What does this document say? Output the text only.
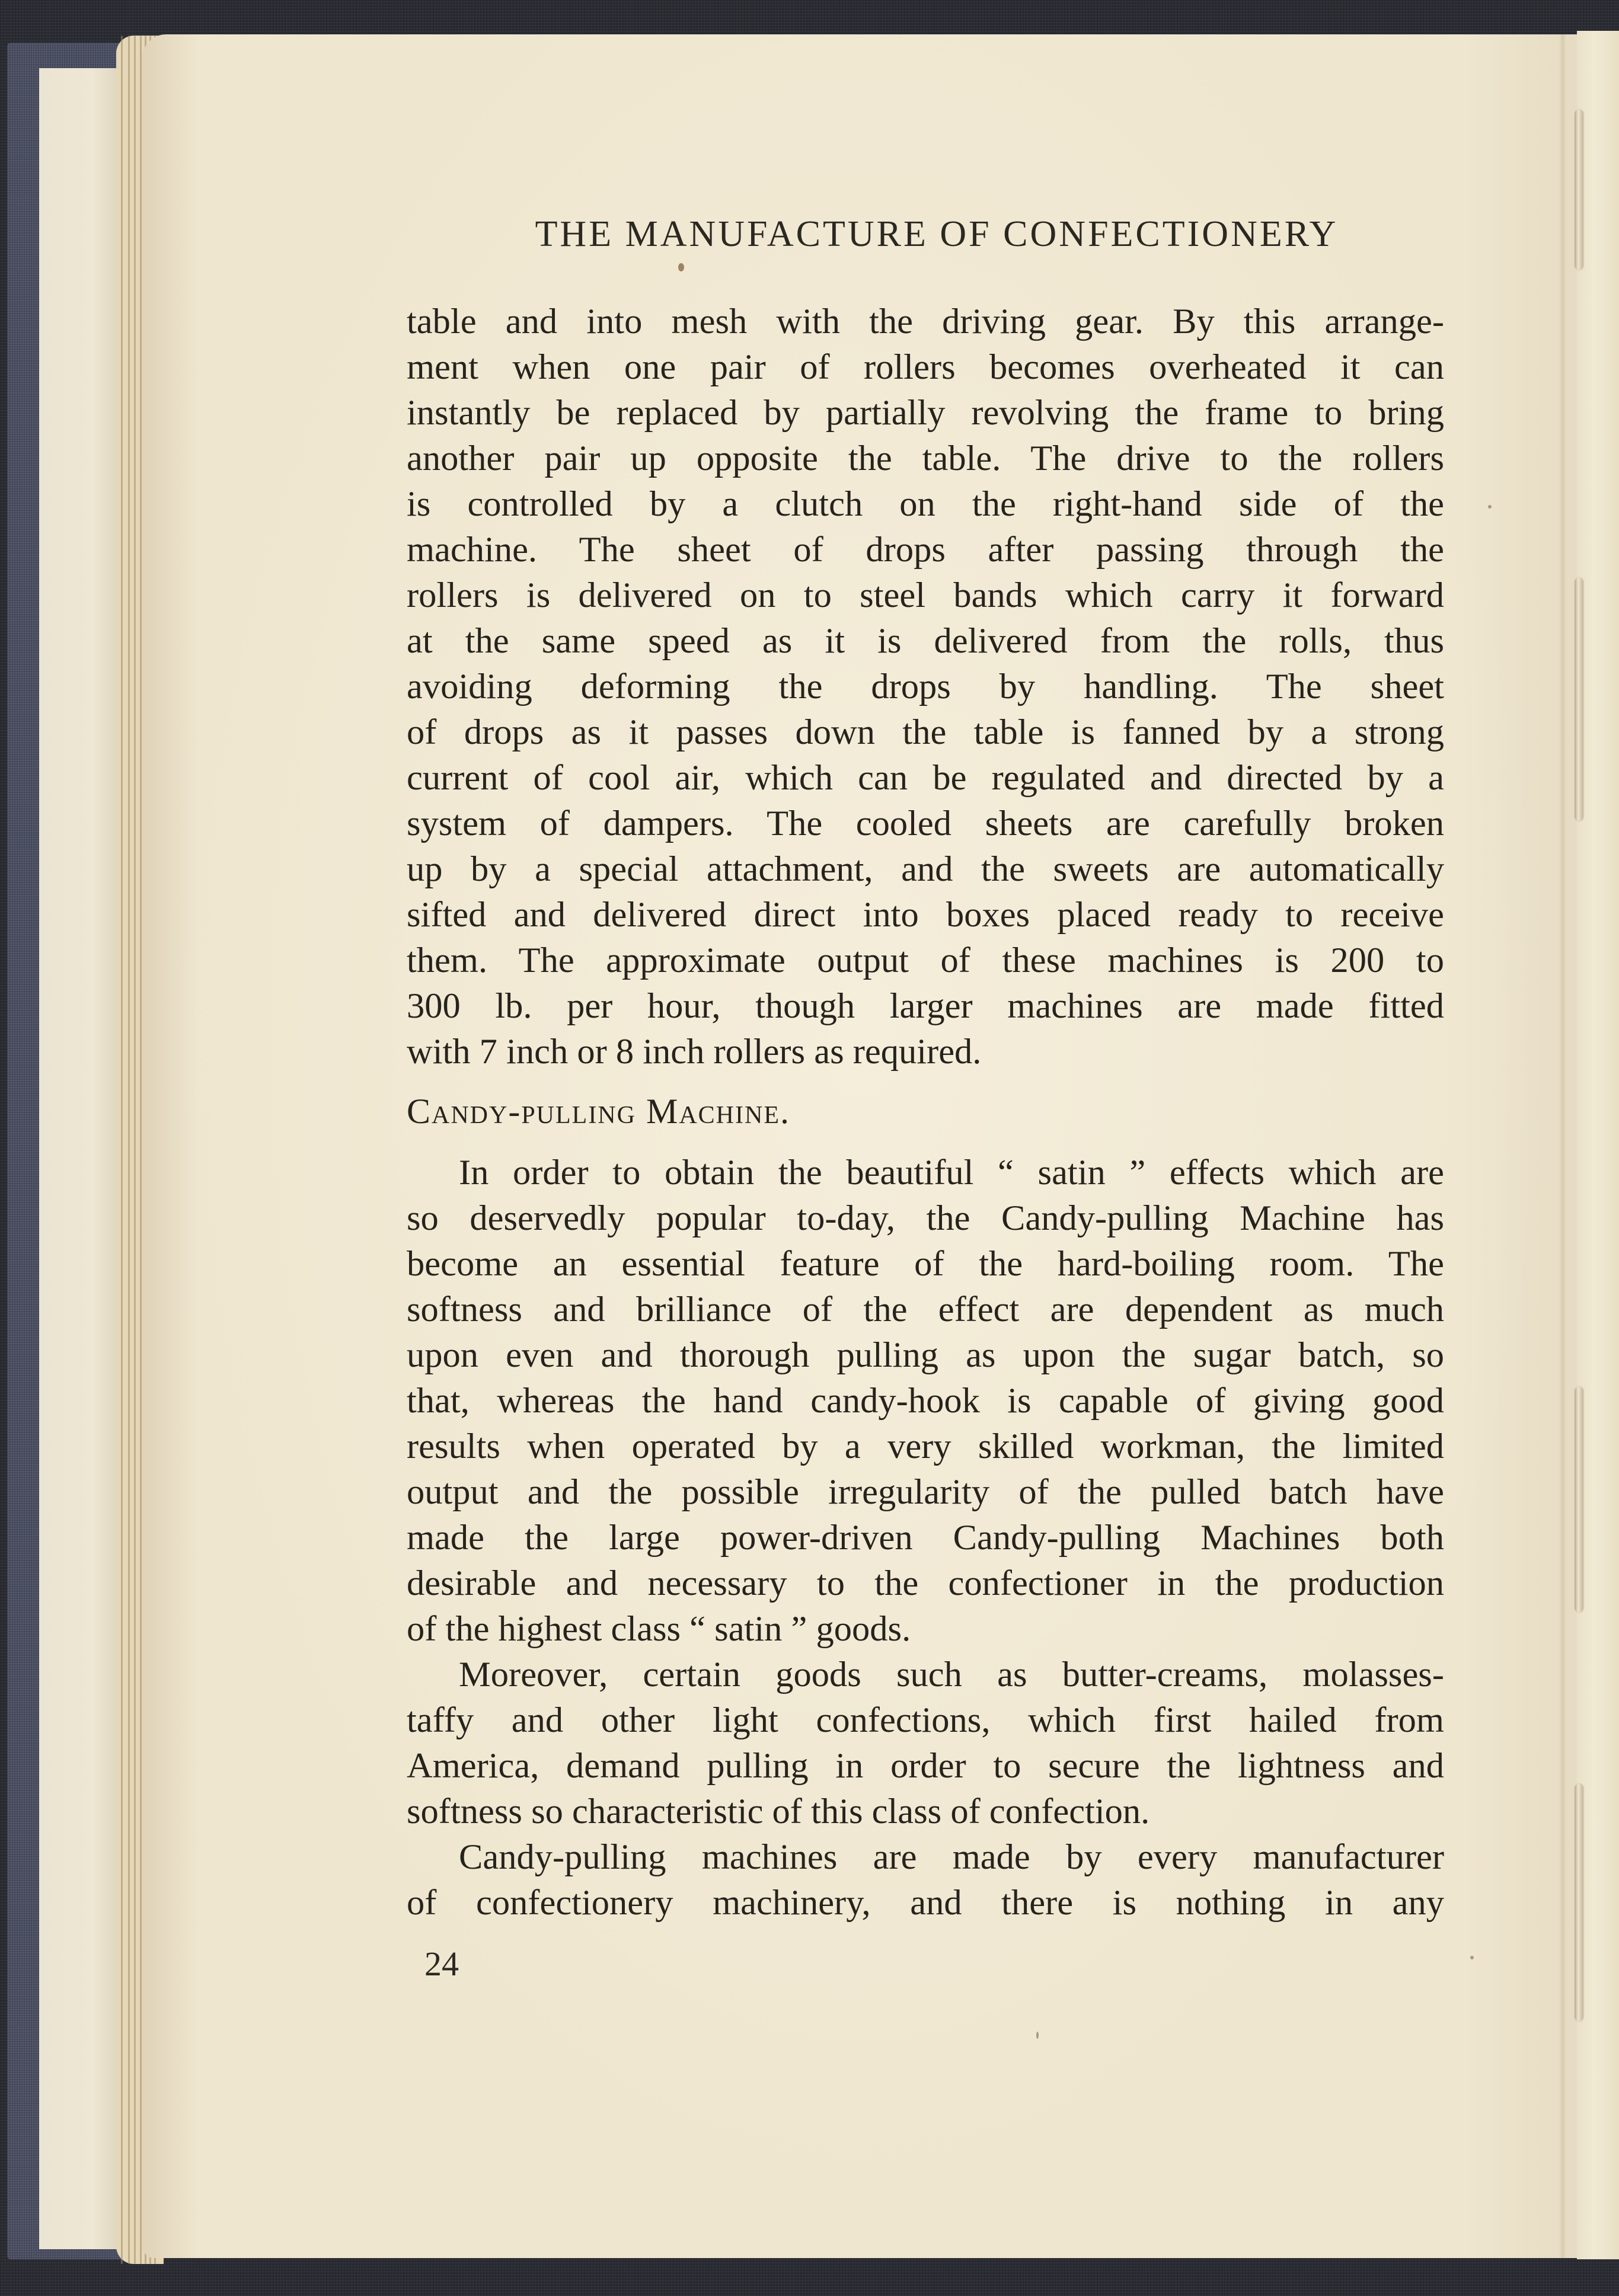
THE MANUFACTURE OF CONFECTIONERY
table and into mesh with the driving gear. By this arrange-
ment when one pair of rollers becomes overheated it can
instantly be replaced by partially revolving the frame to bring
another pair up opposite the table. The drive to the rollers
is controlled by a clutch on the right-hand side of the
machine. The sheet of drops after passing through the
rollers is delivered on to steel bands which carry it forward
at the same speed as it is delivered from the rolls, thus
avoiding deforming the drops by handling. The sheet
of drops as it passes down the table is fanned by a strong
current of cool air, which can be regulated and directed by a
system of dampers. The cooled sheets are carefully broken
up by a special attachment, and the sweets are automatically
sifted and delivered direct into boxes placed ready to receive
them. The approximate output of these machines is 200 to
300 lb. per hour, though larger machines are made fitted
with 7 inch or 8 inch rollers as required.
Candy-pulling Machine.
In order to obtain the beautiful “ satin ” effects which are
so deservedly popular to-day, the Candy-pulling Machine has
become an essential feature of the hard-boiling room. The
softness and brilliance of the effect are dependent as much
upon even and thorough pulling as upon the sugar batch, so
that, whereas the hand candy-hook is capable of giving good
results when operated by a very skilled workman, the limited
output and the possible irregularity of the pulled batch have
made the large power-driven Candy-pulling Machines both
desirable and necessary to the confectioner in the production
of the highest class “ satin ” goods.
Moreover, certain goods such as butter-creams, molasses-
taffy and other light confections, which first hailed from
America, demand pulling in order to secure the lightness and
softness so characteristic of this class of confection.
Candy-pulling machines are made by every manufacturer
of confectionery machinery, and there is nothing in any
24
